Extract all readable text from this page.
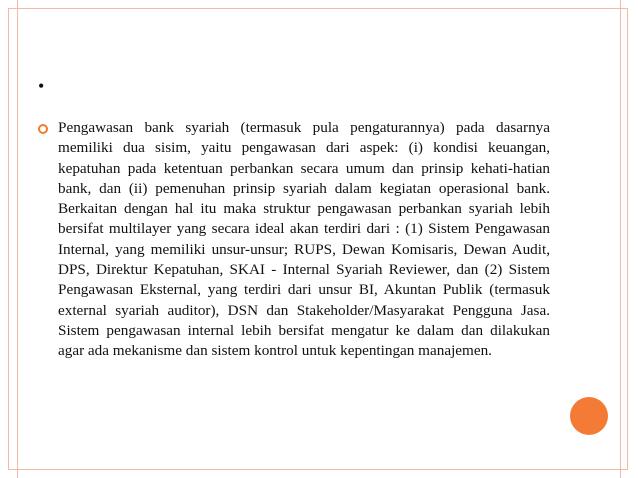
•
Pengawasan bank syariah (termasuk pula pengaturannya) pada dasarnya memiliki dua sisim, yaitu pengawasan dari aspek: (i) kondisi keuangan, kepatuhan pada ketentuan perbankan secara umum dan prinsip kehati-hatian bank, dan (ii) pemenuhan prinsip syariah dalam kegiatan operasional bank. Berkaitan dengan hal itu maka struktur pengawasan perbankan syariah lebih bersifat multilayer yang secara ideal akan terdiri dari : (1) Sistem Pengawasan Internal, yang memiliki unsur-unsur; RUPS, Dewan Komisaris, Dewan Audit, DPS, Direktur Kepatuhan, SKAI - Internal Syariah Reviewer, dan (2) Sistem Pengawasan Eksternal, yang terdiri dari unsur BI, Akuntan Publik (termasuk external syariah auditor), DSN dan Stakeholder/Masyarakat Pengguna Jasa. Sistem pengawasan internal lebih bersifat mengatur ke dalam dan dilakukan agar ada mekanisme dan sistem kontrol untuk kepentingan manajemen.
